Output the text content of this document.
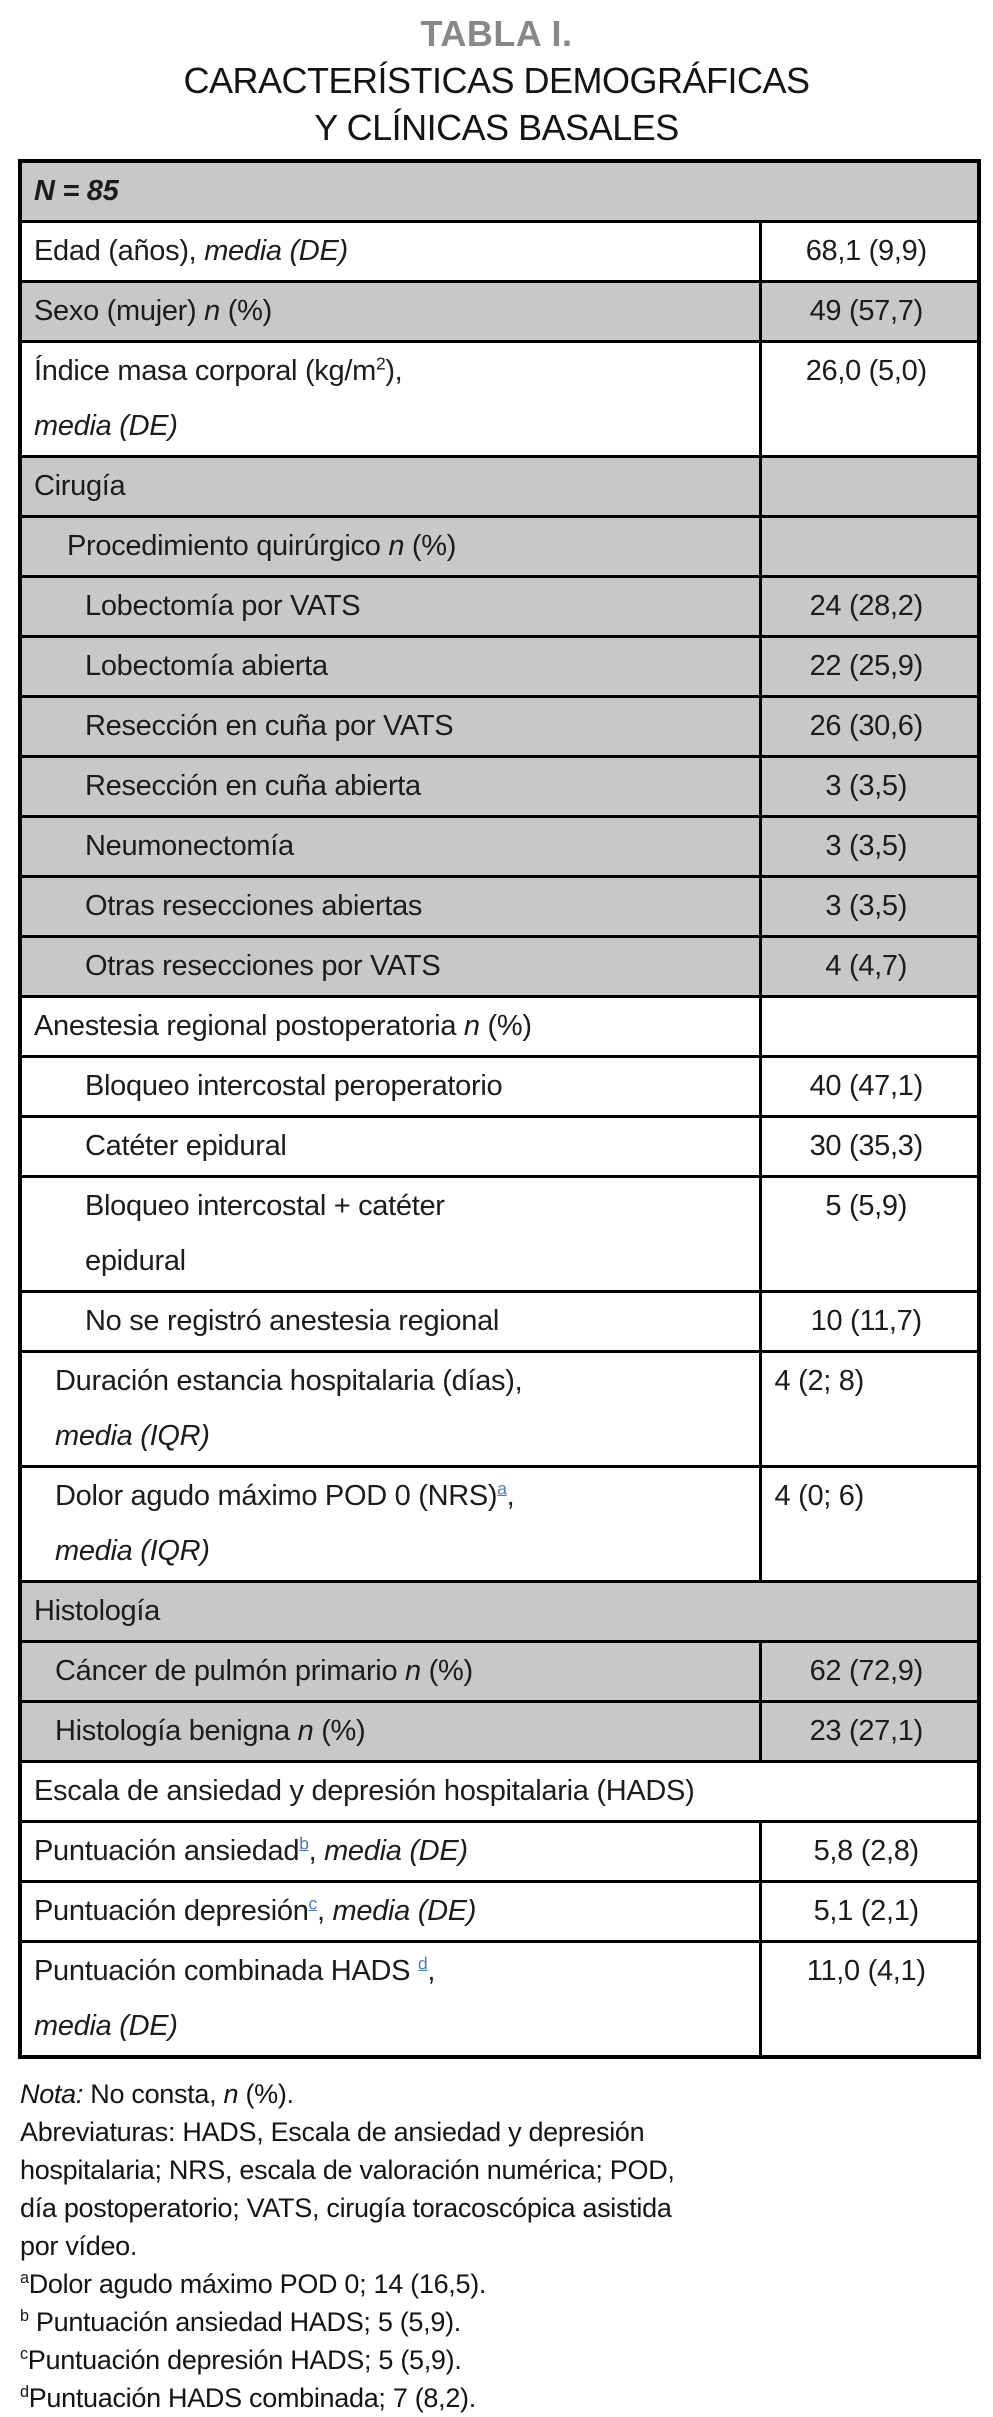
TABLA I.
CARACTERÍSTICAS DEMOGRÁFICAS
Y CLÍNICAS BASALES
N = 85	
Edad (años), media (DE)	68,1 (9,9)
Sexo (mujer) n (%)	49 (57,7)
Índice masa corporal $(kg/m^2)$,
media (DE)	26,0 (5,0)
Cirugía	
Procedimiento quirúrgico n (%)	
Lobectomía por VATS	24 (28,2)
Lobectomía abierta	22 (25,9)
Resección en cuña por VATS	26 (30,6)
Resección en cuña abierta	3 (3,5)
Neumonectomía	3 (3,5)
Otras resecciones abiertas	3 (3,5)
Otras resecciones por VATS	4 (4,7)
Anestesia regional postoperatoria n (%)	
Bloqueo intercostal peroperatorio	40 (47,1)
Catéter epidural	30 (35,3)
Bloqueo intercostal + catéter
epidural	5 (5,9)
No se registró anestesia regional	10 (11,7)
Duración estancia hospitalaria (días),
media (IQR)	4 (2; 8)
Dolor agudo máximo POD 0 (NRS)$^a$,
media (IQR)	4 (0; 6)
Histología	
Cáncer de pulmón primario n (%)	62 (72,9)
Histología benigna n (%)	23 (27,1)
Escala de ansiedad y depresión hospitalaria (HADS)	
Puntuación ansiedad$^b$, media (DE)	5,8 (2,8)
Puntuación depresión$^c$, media (DE)	5,1 (2,1)
Puntuación combinada HADS $^d$,
media (DE)	11,0 (4,1)
Nota: No consta, n (%).
Abreviaturas: HADS, Escala de ansiedad y depresión
hospitalaria; NRS, escala de valoración numérica; POD,
día postoperatorio; VATS, cirugía toracoscópica asistida
por vídeo.
$^a$Dolor agudo máximo POD 0; 14 (16,5).
$^b$ Puntuación ansiedad HADS; 5 (5,9).
$^c$Puntuación depresión HADS; 5 (5,9).
$^d$Puntuación HADS combinada; 7 (8,2).
